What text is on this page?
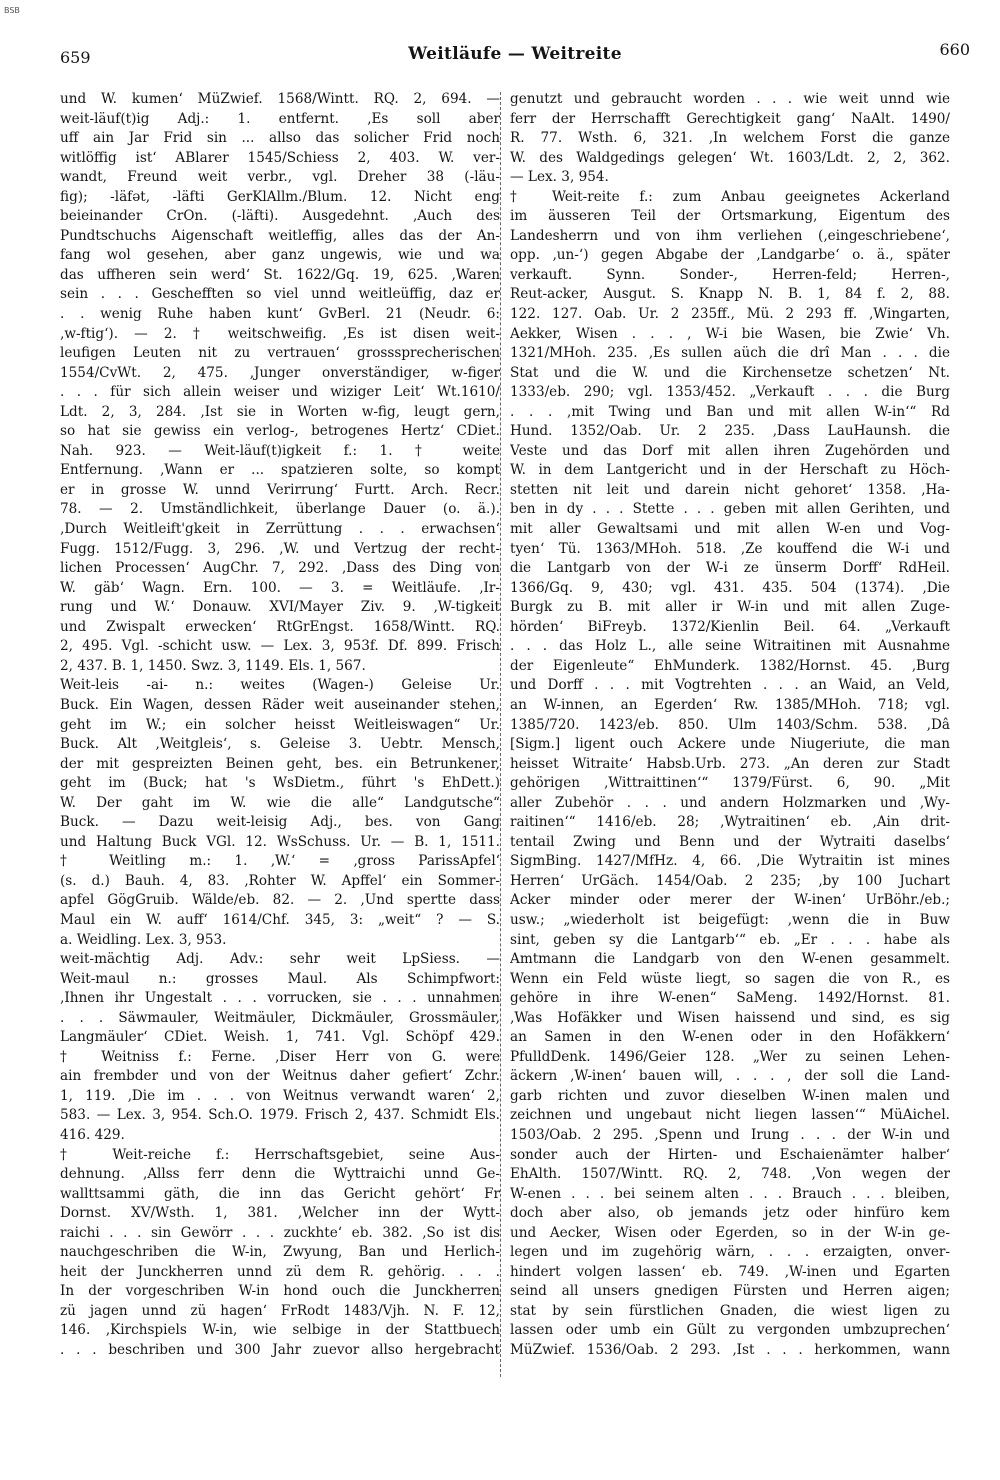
BSB
659	Weitläufe — Weitreite	660
und W. kumen‘ MüZwief. 1568/Wintt. RQ. 2, 694. —
weit-läuf(t)ig Adj.: 1. entfernt. ‚Es soll aber
uff ain Jar Frid sin ... allso das solicher Frid noch
witlöffig ist‘ ABlarer 1545/Schiess 2, 403. W. ver-
wandt, Freund weit verbr., vgl. Dreher 38 (-läu-
fig); -läfət, -läfti GerKlAllm./Blum. 12. Nicht eng
beieinander CrOn. (-läfti). Ausgedehnt. ‚Auch des
Pundtschuchs Aigenschaft weitleffig, alles das der An-
fang wol gesehen, aber ganz ungewis, wie und wa
das uffheren sein werd‘ St. 1622/Gq. 19, 625. ‚Waren
sein . . . Geschefften so viel unnd weitleüffig, daz er
. . wenig Ruhe haben kunt‘ GvBerl. 21 (Neudr. 6:
‚w-ftig‘). — 2. † weitschweifig. ‚Es ist disen weit-
leufigen Leuten nit zu vertrauen‘ grosssprecherischen
1554/CvWt. 2, 475. ‚Junger onverständiger, w-figer
. . . für sich allein weiser und wiziger Leit‘ Wt.1610/
Ldt. 2, 3, 284. ‚Ist sie in Worten w-fig, leugt gern,
so hat sie gewiss ein verlog-, betrogenes Hertz‘ CDiet.
Nah. 923. — Weit-läuf(t)igkeit f.: 1. † weite
Entfernung. ‚Wann er ... spatzieren solte, so kompt
er in grosse W. unnd Verirrung‘ Furtt. Arch. Recr.
78. — 2. Umständlichkeit, überlange Dauer (o. ä.).
‚Durch Weitleift'gkeit in Zerrüttung . . . erwachsen‘
Fugg. 1512/Fugg. 3, 296. ‚W. und Vertzug der recht-
lichen Processen‘ AugChr. 7, 292. ‚Dass des Ding von
W. gäb‘ Wagn. Ern. 100. — 3. = Weitläufe. ‚Ir-
rung und W.‘ Donauw. XVI/Mayer Ziv. 9. ‚W-tigkeit
und Zwispalt erwecken‘ RtGrEngst. 1658/Wintt. RQ.
2, 495. Vgl. -schicht usw. — Lex. 3, 953f. Df. 899. Frisch
2, 437. B. 1, 1450. Swz. 3, 1149. Els. 1, 567.
Weit-leis -ai- n.: weites (Wagen-) Geleise Ur.
Buck. Ein Wagen, dessen Räder weit auseinander stehen,
geht im W.; ein solcher heisst Weitleiswagen“ Ur.
Buck. Alt ‚Weitgleis‘, s. Geleise 3. Uebtr. Mensch,
der mit gespreizten Beinen geht, bes. ein Betrunkener,
geht im (Buck; hat 's WsDietm., führt 's EhDett.)
W. Der gaht im W. wie die alle“ Landgutsche“
Buck. — Dazu weit-leisig Adj., bes. von Gang
und Haltung Buck VGl. 12. WsSchuss. Ur. — B. 1, 1511.
† Weitling m.: 1. ‚W.‘ = ‚gross ParissApfel‘
(s. d.) Bauh. 4, 83. ‚Rohter W. Apffel‘ ein Sommer-
apfel GögGruib. Wälde/eb. 82. — 2. ‚Und spertte dass
Maul ein W. auff‘ 1614/Chf. 345, 3: „weit“ ? — S.
a. Weidling. Lex. 3, 953.
weit-mächtig Adj. Adv.: sehr weit LpSiess. —
Weit-maul n.: grosses Maul. Als Schimpfwort:
‚Ihnen ihr Ungestalt . . . vorrucken, sie . . . unnahmen
. . . Säwmauler, Weitmäuler, Dickmäuler, Grossmäuler,
Langmäuler‘ CDiet. Weish. 1, 741. Vgl. Schöpf 429.
† Weitniss f.: Ferne. ‚Diser Herr von G. were
ain frembder und von der Weitnus daher gefiert‘ Zchr.
1, 119. ‚Die im . . . von Weitnus verwandt waren‘ 2,
583. — Lex. 3, 954. Sch.O. 1979. Frisch 2, 437. Schmidt Els.
416. 429.
† Weit-reiche f.: Herrschaftsgebiet, seine Aus-
dehnung. ‚Allss ferr denn die Wyttraichi unnd Ge-
wallttsammi gäth, die inn das Gericht gehört‘ Fr
Dornst. XV/Wsth. 1, 381. ‚Welcher inn der Wytt-
raichi . . . sin Gewörr . . . zuckhte‘ eb. 382. ‚So ist dis
nauchgeschriben die W-in, Zwyung, Ban und Herlich-
heit der Junckherren unnd zü dem R. gehörig. . . .
In der vorgeschriben W-in hond ouch die Junckherren
zü jagen unnd zü hagen‘ FrRodt 1483/Vjh. N. F. 12,
146. ‚Kirchspiels W-in, wie selbige in der Stattbuech
. . . beschriben und 300 Jahr zuevor allso hergebracht
genutzt und gebraucht worden . . . wie weit unnd wie
ferr der Herrschafft Gerechtigkeit gang‘ NaAlt. 1490/
R. 77. Wsth. 6, 321. ‚In welchem Forst die ganze
W. des Waldgedings gelegen‘ Wt. 1603/Ldt. 2, 2, 362.
— Lex. 3, 954.
† Weit-reite f.: zum Anbau geeignetes Ackerland
im äusseren Teil der Ortsmarkung, Eigentum des
Landesherrn und von ihm verliehen (‚eingeschriebene‘,
opp. ‚un-‘) gegen Abgabe der ‚Landgarbe‘ o. ä., später
verkauft. Synn. Sonder-, Herren-feld; Herren-,
Reut-acker, Ausgut. S. Knapp N. B. 1, 84 f. 2, 88.
122. 127. Oab. Ur. 2 235ff., Mü. 2 293 ff. ‚Wingarten,
Aekker, Wisen . . . , W-i bie Wasen, bie Zwie‘ Vh.
1321/MHoh. 235. ‚Es sullen aüch die drî Man . . . die
Stat und die W. und die Kirchensetze schetzen‘ Nt.
1333/eb. 290; vgl. 1353/452. „Verkauft . . . die Burg
. . . ,mit Twing und Ban und mit allen W-in‘“ Rd
Hund. 1352/Oab. Ur. 2 235. ‚Dass LauHaunsh. die
Veste und das Dorf mit allen ihren Zugehörden und
W. in dem Lantgericht und in der Herschaft zu Höch-
stetten nit leit und darein nicht gehoret‘ 1358. ‚Ha-
ben in dy . . . Stette . . . geben mit allen Gerihten, und
mit aller Gewaltsami und mit allen W-en und Vog-
tyen‘ Tü. 1363/MHoh. 518. ‚Ze kouffend die W-i und
die Lantgarb von der W-i ze ünserm Dorff‘ RdHeil.
1366/Gq. 9, 430; vgl. 431. 435. 504 (1374). ‚Die
Burgk zu B. mit aller ir W-in und mit allen Zuge-
hörden‘ BiFreyb. 1372/Kienlin Beil. 64. „Verkauft
. . . das Holz L., alle seine Witraitinen mit Ausnahme
der Eigenleute“ EhMunderk. 1382/Hornst. 45. ‚Burg
und Dorff . . . mit Vogtrehten . . . an Waid, an Veld,
an W-innen, an Egerden‘ Rw. 1385/MHoh. 718; vgl.
1385/720. 1423/eb. 850. Ulm 1403/Schm. 538. ‚Dâ
[Sigm.] ligent ouch Ackere unde Niugeriute, die man
heisset Witraite‘ Habsb.Urb. 273. „An deren zur Stadt
gehörigen ‚Wittraittinen‘“ 1379/Fürst. 6, 90. „Mit
aller Zubehör . . . und andern Holzmarken und ‚Wy-
raitinen‘“ 1416/eb. 28; ‚Wytraitinen‘ eb. ‚Ain drit-
tentail Zwing und Benn und der Wytraiti daselbs‘
SigmBing. 1427/MfHz. 4, 66. ‚Die Wytraitin ist mines
Herren‘ UrGäch. 1454/Oab. 2 235; ‚by 100 Juchart
Acker minder oder merer der W-inen‘ UrBöhr./eb.;
usw.; „wiederholt ist beigefügt: ‚wenn die in Buw
sint, geben sy die Lantgarb‘“ eb. „Er . . . habe als
Amtmann die Landgarb von den W-enen gesammelt.
Wenn ein Feld wüste liegt, so sagen die von R., es
gehöre in ihre W-enen“ SaMeng. 1492/Hornst. 81.
‚Was Hofäkker und Wisen haissend und sind, es sig
an Samen in den W-enen oder in den Hofäkkern‘
PfulldDenk. 1496/Geier 128. „Wer zu seinen Lehen-
äckern ‚W-inen‘ bauen will, . . . , der soll die Land-
garb richten und zuvor dieselben W-inen malen und
zeichnen und ungebaut nicht liegen lassen‘“ MüAichel.
1503/Oab. 2 295. ‚Spenn und Irung . . . der W-in und
sonder auch der Hirten- und Eschaienämter halber‘
EhAlth. 1507/Wintt. RQ. 2, 748. ‚Von wegen der
W-enen . . . bei seinem alten . . . Brauch . . . bleiben,
doch aber also, ob jemands jetz oder hinfüro kem
und Aecker, Wisen oder Egerden, so in der W-in ge-
legen und im zugehörig wärn, . . . erzaigten, onver-
hindert volgen lassen‘ eb. 749. ‚W-inen und Egarten
seind all unsers gnedigen Fürsten und Herren aigen;
stat by sein fürstlichen Gnaden, die wiest ligen zu
lassen oder umb ein Gült zu vergonden umbzuprechen‘
MüZwief. 1536/Oab. 2 293. ‚Ist . . . herkommen, wann
